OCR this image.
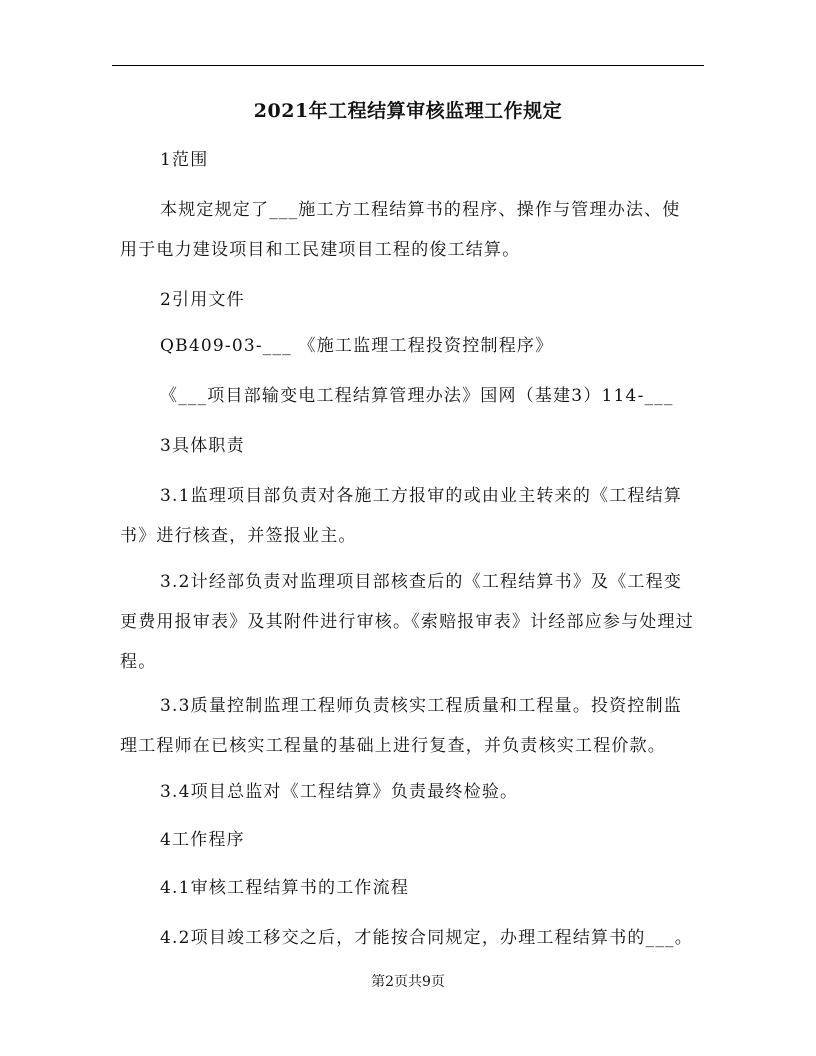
2021年工程结算审核监理工作规定
1范围
本规定规定了___施工方工程结算书的程序、操作与管理办法、使用于电力建设项目和工民建项目工程的俊工结算。
2引用文件
QB409-03-___ 《施工监理工程投资控制程序》
《___项目部输变电工程结算管理办法》国网（基建3）114-___
3具体职责
3.1监理项目部负责对各施工方报审的或由业主转来的《工程结算书》进行核查，并签报业主。
3.2计经部负责对监理项目部核查后的《工程结算书》及《工程变更费用报审表》及其附件进行审核。《索赔报审表》计经部应参与处理过程。
3.3质量控制监理工程师负责核实工程质量和工程量。投资控制监理工程师在已核实工程量的基础上进行复查，并负责核实工程价款。
3.4项目总监对《工程结算》负责最终检验。
4工作程序
4.1审核工程结算书的工作流程
4.2项目竣工移交之后，才能按合同规定，办理工程结算书的___。
第2页共9页
